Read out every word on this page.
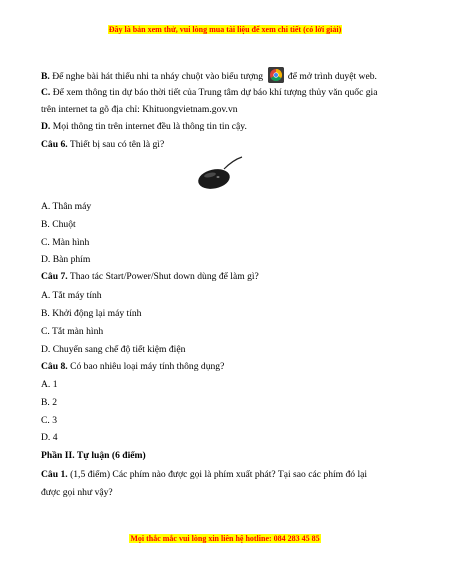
Đây là bản xem thử, vui lòng mua tài liệu để xem chi tiết (có lời giải)
B. Để nghe bài hát thiếu nhi ta nháy chuột vào biểu tượng	để mở trình duyệt web.
C. Để xem thông tin dự báo thời tiết của Trung tâm dự báo khí tượng thủy văn quốc gia
trên internet ta gõ địa chỉ: Khituongvietnam.gov.vn
D. Mọi thông tin trên internet đều là thông tin tin cậy.
Câu 6. Thiết bị sau có tên là gì?
A. Thân máy
B. Chuột
C. Màn hình
D. Bàn phím
Câu 7. Thao tác Start/Power/Shut down dùng để làm gì?
A. Tắt máy tính
B. Khởi động lại máy tính
C. Tắt màn hình
D. Chuyển sang chế độ tiết kiệm điện
Câu 8. Có bao nhiêu loại máy tính thông dụng?
A. 1
B. 2
C. 3
D. 4
Phần II. Tự luận (6 điểm)
Câu 1. (1,5 điểm) Các phím nào được gọi là phím xuất phát? Tại sao các phím đó lại
được gọi như vậy?
Mọi thắc mắc vui lòng xin liên hệ hotline: 084 283 45 85
